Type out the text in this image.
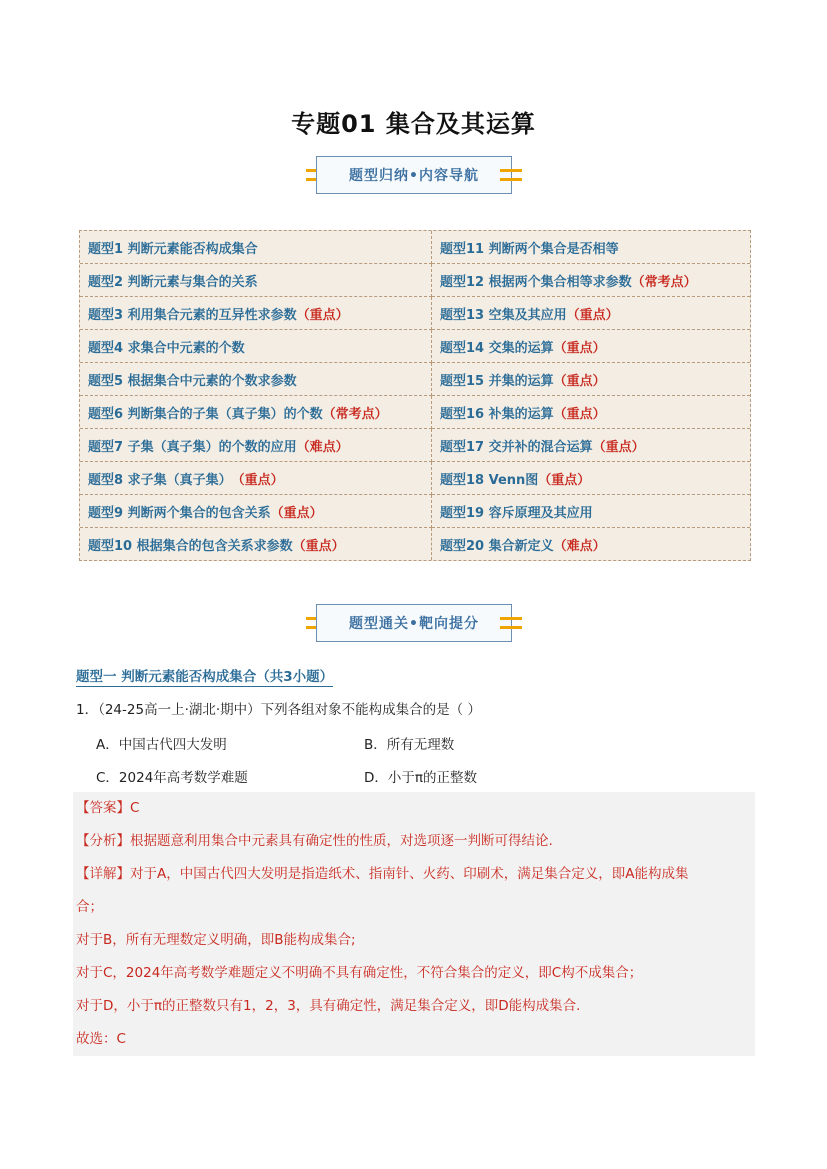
专题01 集合及其运算
题型归纳•内容导航
题型1 判断元素能否构成集合	题型11 判断两个集合是否相等
题型2 判断元素与集合的关系	题型12 根据两个集合相等求参数 （常考点）
题型3 利用集合元素的互异性求参数 （重点）	题型13 空集及其应用 （重点）
题型4 求集合中元素的个数	题型14 交集的运算 （重点）
题型5 根据集合中元素的个数求参数	题型15 并集的运算 （重点）
题型6 判断集合的子集（真子集）的个数 （常考点）	题型16 补集的运算 （重点）
题型7 子集（真子集）的个数的应用 （难点）	题型17 交并补的混合运算 （重点）
题型8 求子集（真子集） （重点）	题型18 Venn图 （重点）
题型9 判断两个集合的包含关系 （重点）	题型19 容斥原理及其应用
题型10 根据集合的包含关系求参数 （重点）	题型20 集合新定义 （难点）
题型通关•靶向提分
题型一 判断元素能否构成集合（共3小题）
1．（24-25高一上·湖北·期中）下列各组对象不能构成集合的是（ ）
A．中国古代四大发明	B．所有无理数
C．2024年高考数学难题	D．小于π的正整数
【答案】C
【分析】根据题意利用集合中元素具有确定性的性质，对选项逐一判断可得结论.
【详解】对于A，中国古代四大发明是指造纸术、指南针、火药、印刷术，满足集合定义，即A能构成集
合；
对于B，所有无理数定义明确，即B能构成集合;
对于C，2024年高考数学难题定义不明确不具有确定性，不符合集合的定义，即C构不成集合；
对于D，小于π的正整数只有1，2，3，具有确定性，满足集合定义，即D能构成集合.
故选：C
